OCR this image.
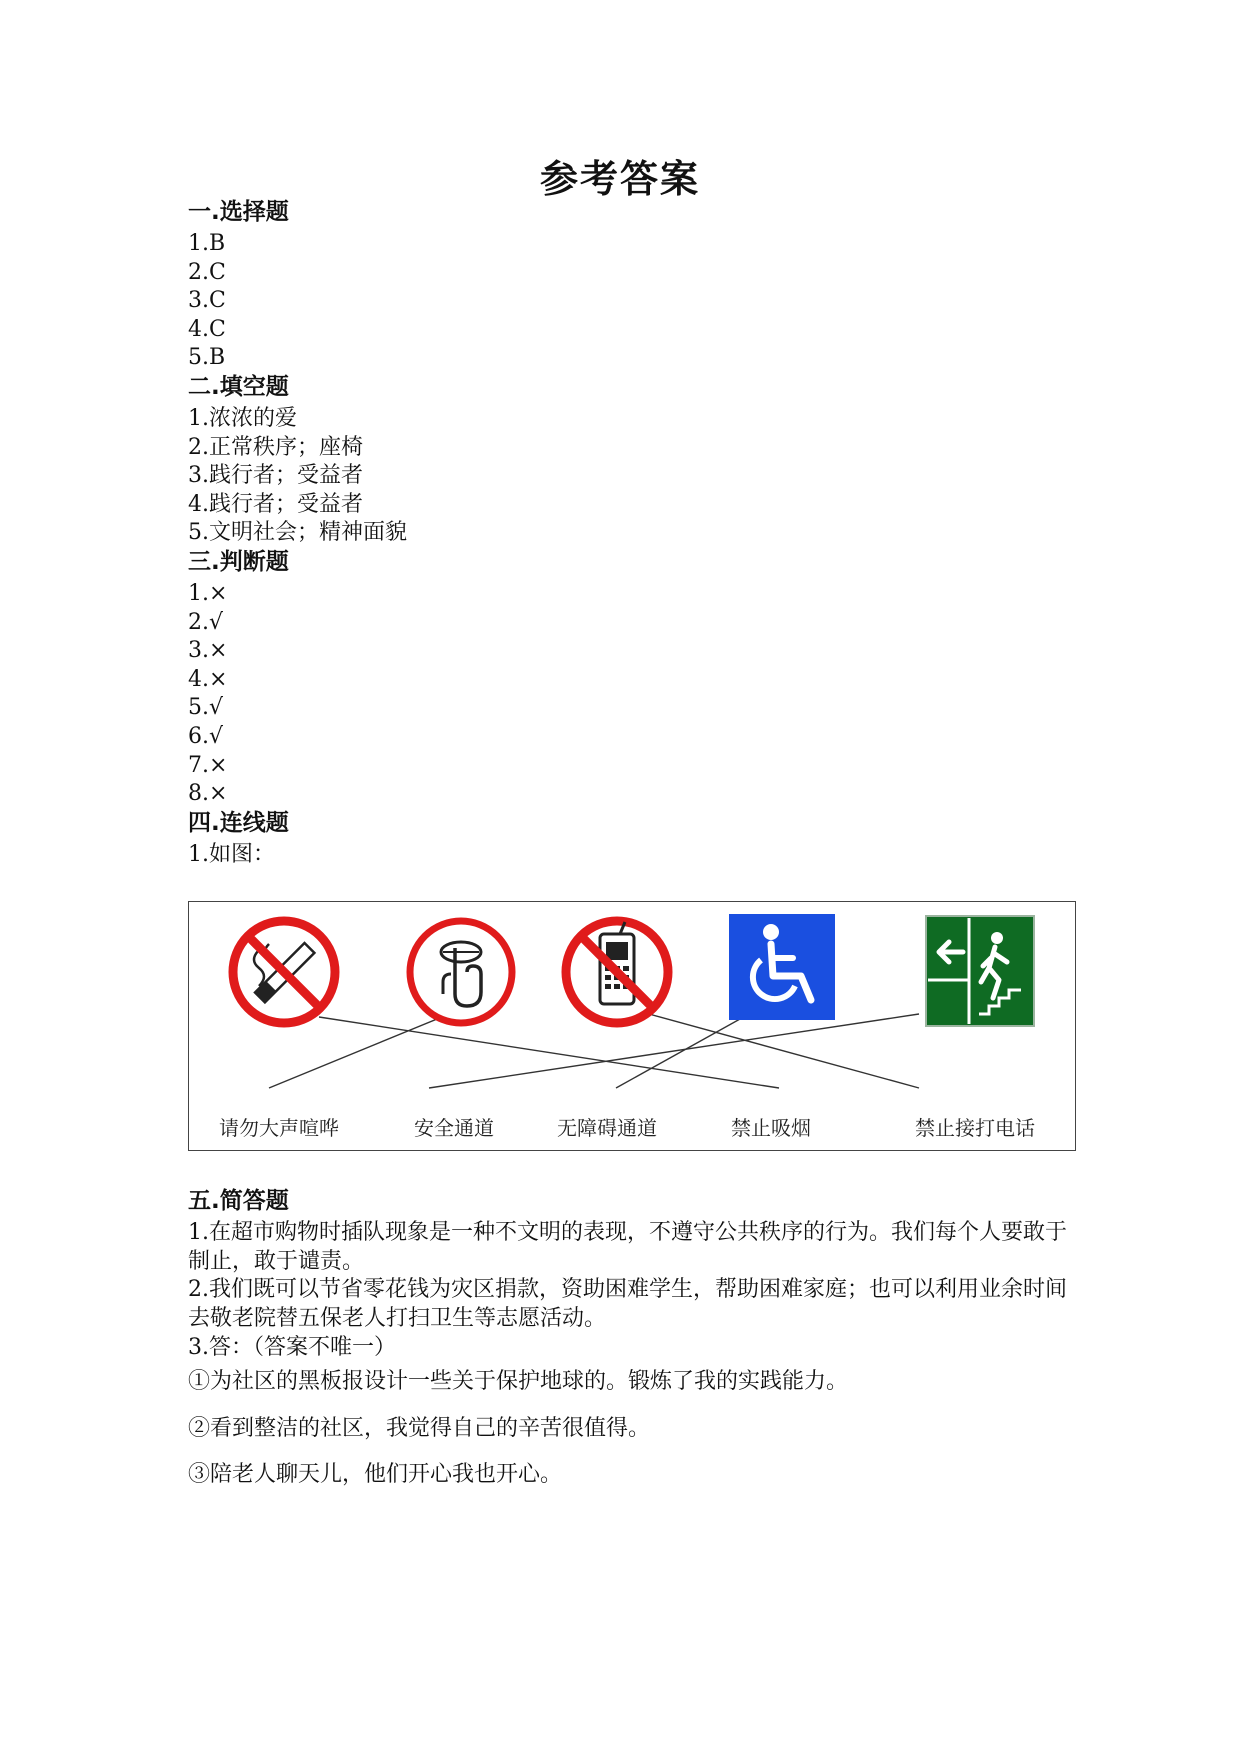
参考答案
一.选择题
1.B
2.C
3.C
4.C
5.B
二.填空题
1.浓浓的爱
2.正常秩序；座椅
3.践行者；受益者
4.践行者；受益者
5.文明社会；精神面貌
三.判断题
1.×
2.√
3.×
4.×
5.√
6.√
7.×
8.×
四.连线题
1.如图：
请勿大声喧哗	安全通道	无障碍通道	禁止吸烟	禁止接打电话
五.简答题
1.在超市购物时插队现象是一种不文明的表现，不遵守公共秩序的行为。我们每个人要敢于制止，敢于谴责。
2.我们既可以节省零花钱为灾区捐款，资助困难学生，帮助困难家庭；也可以利用业余时间去敬老院替五保老人打扫卫生等志愿活动。
3.答：（答案不唯一）
①为社区的黑板报设计一些关于保护地球的。锻炼了我的实践能力。
②看到整洁的社区，我觉得自己的辛苦很值得。
③陪老人聊天儿，他们开心我也开心。
